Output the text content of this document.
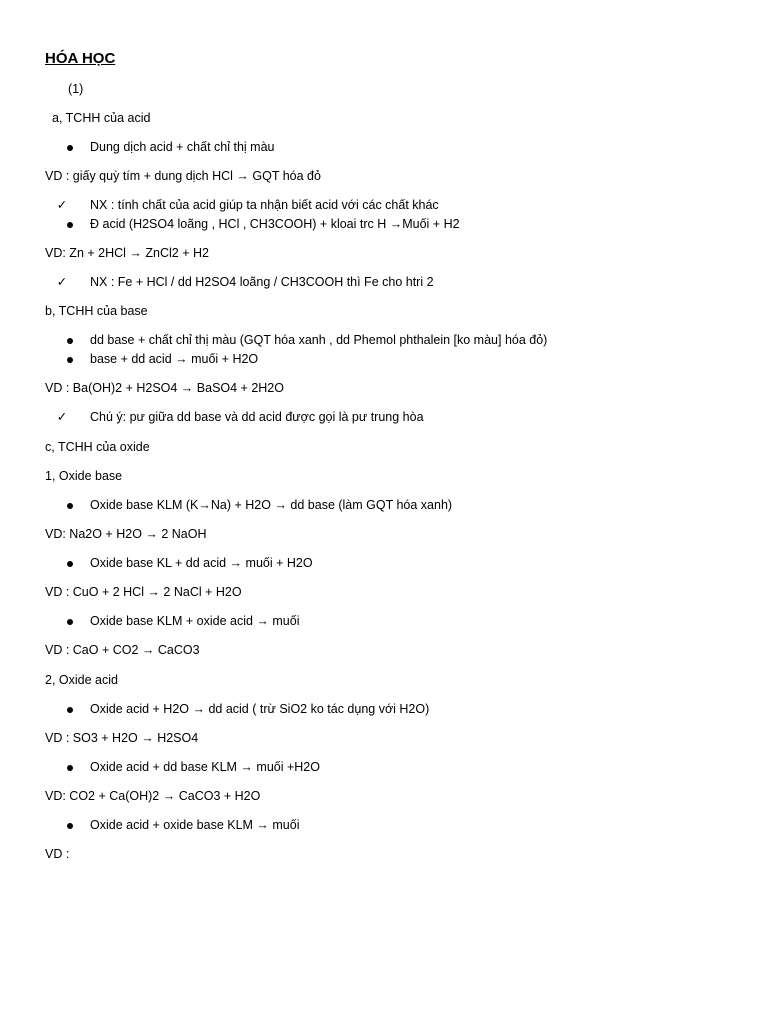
HÓA HỌC
(1)
a, TCHH của acid
Dung dịch acid + chất chỉ thị màu
VD : giấy quỳ tím + dung dịch HCl → GQT hóa đỏ
✓ NX : tính chất của acid giúp ta nhận biết acid với các chất khác
Đ acid (H2SO4 loãng , HCl , CH3COOH) + kloai trc H →Muối + H2
VD: Zn + 2HCl → ZnCl2 + H2
✓ NX : Fe + HCl / dd H2SO4 loãng / CH3COOH thì Fe cho htri 2
b, TCHH của base
dd base + chất chỉ thị màu (GQT hóa xanh , dd Phemol phthalein [ko màu] hóa đỏ)
base + dd acid → muối + H2O
VD : Ba(OH)2 + H2SO4 → BaSO4 + 2H2O
✓ Chú ý: pư giữa dd base và dd acid được gọi là pư trung hòa
c, TCHH của oxide
1, Oxide base
Oxide base KLM (K→Na) + H2O → dd base (làm GQT hóa xanh)
VD: Na2O + H2O → 2 NaOH
Oxide base KL + dd acid → muối + H2O
VD : CuO + 2 HCl → 2 NaCl + H2O
Oxide base KLM + oxide acid → muối
VD : CaO + CO2 → CaCO3
2, Oxide acid
Oxide acid + H2O → dd acid ( trừ SiO2 ko tác dụng với H2O)
VD : SO3 + H2O → H2SO4
Oxide acid + dd base KLM → muối +H2O
VD: CO2 + Ca(OH)2 → CaCO3 + H2O
Oxide acid + oxide base KLM → muối
VD :
